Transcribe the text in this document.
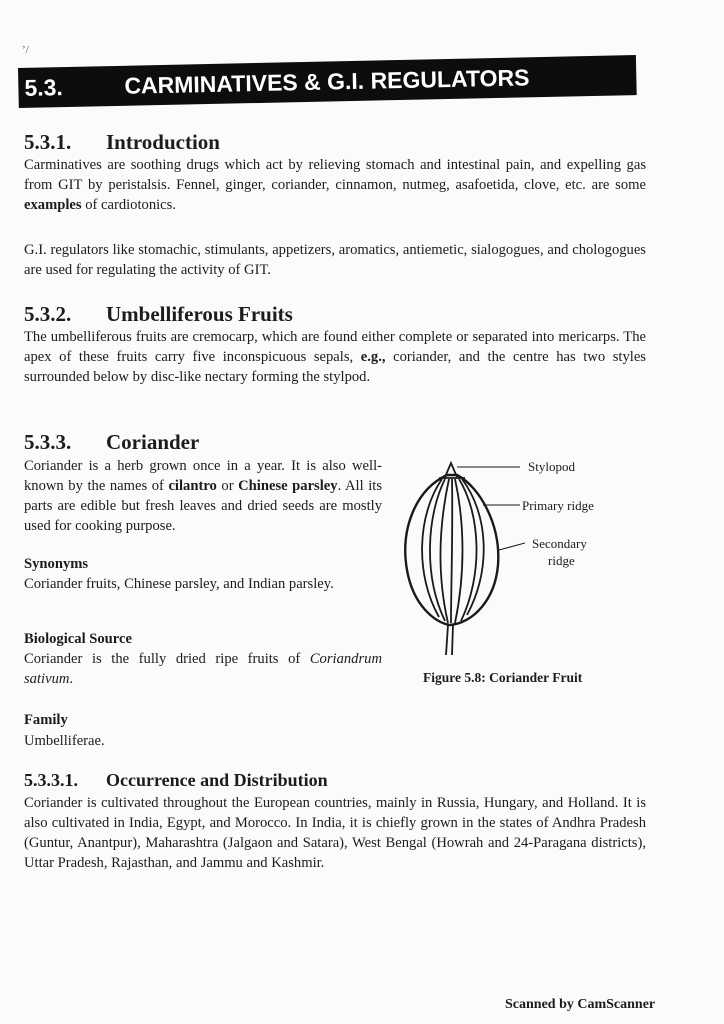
’/
5.3.	CARMINATIVES & G.I. REGULATORS
5.3.1. Introduction

Carminatives are soothing drugs which act by relieving stomach and intestinal pain, and expelling gas from GIT by peristalsis. Fennel, ginger, coriander, cinnamon, nutmeg, asafoetida, clove, etc. are some examples of cardiotonics.

G.I. regulators like stomachic, stimulants, appetizers, aromatics, antiemetic, sialogogues, and chologogues are used for regulating the activity of GIT.

5.3.2. Umbelliferous Fruits

The umbelliferous fruits are cremocarp, which are found either complete or separated into mericarps. The apex of these fruits carry five inconspicuous sepals, e.g., coriander, and the centre has two styles surrounded below by disc-like nectary forming the stylpod.

5.3.3. Coriander

Coriander is a herb grown once in a year. It is also well-known by the names of cilantro or Chinese parsley. All its parts are edible but fresh leaves and dried seeds are mostly used for cooking purpose.

Synonyms

Coriander fruits, Chinese parsley, and Indian parsley.

Biological Source

Coriander is the fully dried ripe fruits of Coriandrum sativum.

Family

Umbelliferae.

Stylopod
Primary ridge
Secondary
ridge
Figure 5.8: Coriander Fruit
5.3.3.1. Occurrence and Distribution

Coriander is cultivated throughout the European countries, mainly in Russia, Hungary, and Holland. It is also cultivated in India, Egypt, and Morocco. In India, it is chiefly grown in the states of Andhra Pradesh (Guntur, Anantpur), Maharashtra (Jalgaon and Satara), West Bengal (Howrah and 24-Paragana districts), Uttar Pradesh, Rajasthan, and Jammu and Kashmir.

Scanned by CamScanner
